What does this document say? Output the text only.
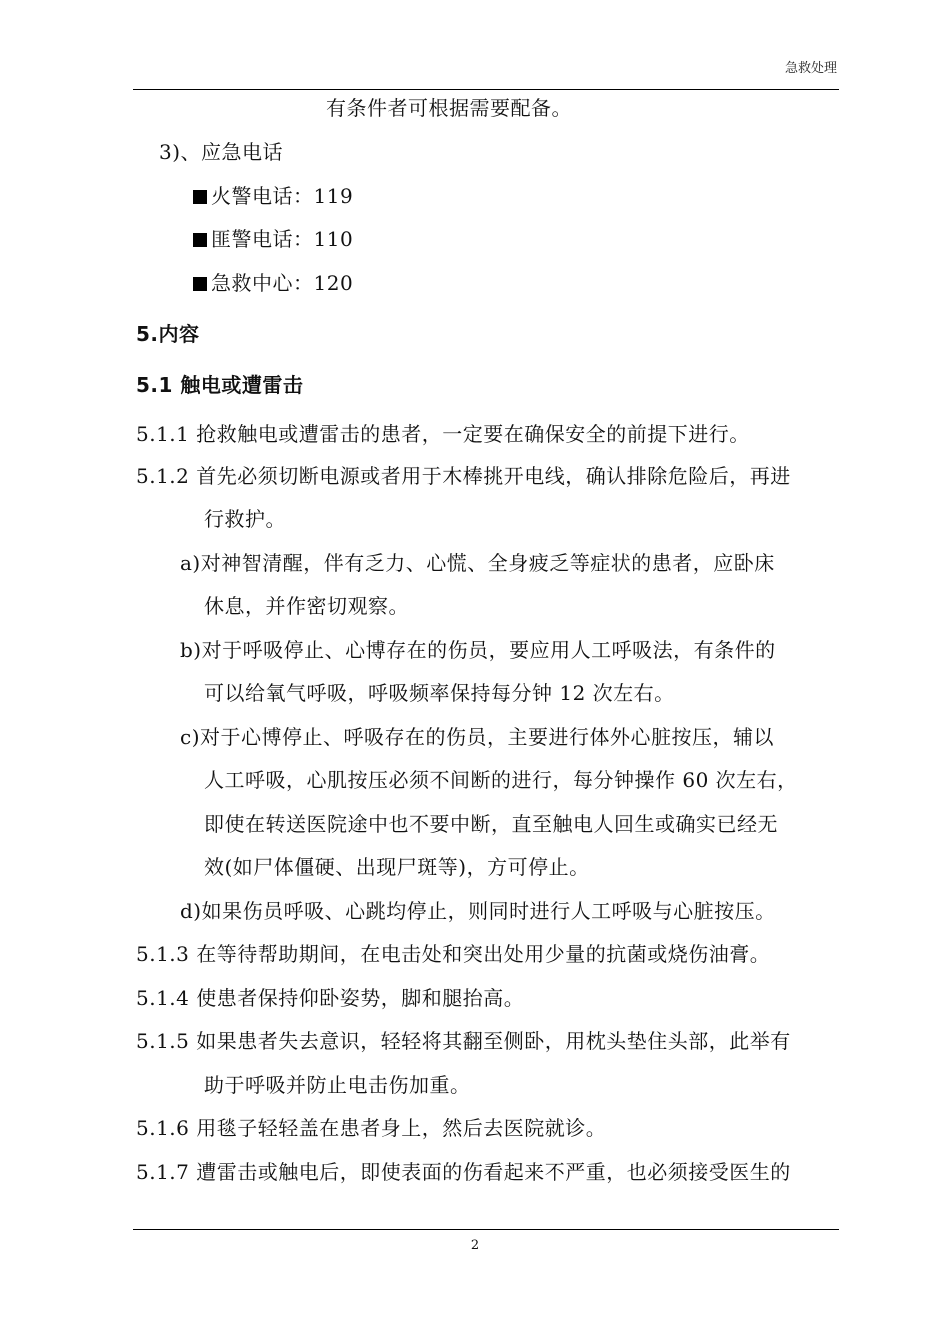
急救处理
有条件者可根据需要配备。
3)、应急电话
火警电话：119
匪警电话：110
急救中心：120
5.内容
5.1 触电或遭雷击
5.1.1 抢救触电或遭雷击的患者，一定要在确保安全的前提下进行。
5.1.2 首先必须切断电源或者用于木棒挑开电线，确认排除危险后，再进
行救护。
a)对神智清醒，伴有乏力、心慌、全身疲乏等症状的患者，应卧床
休息，并作密切观察。
b)对于呼吸停止、心博存在的伤员，要应用人工呼吸法，有条件的
可以给氧气呼吸，呼吸频率保持每分钟 12 次左右。
c)对于心博停止、呼吸存在的伤员，主要进行体外心脏按压，辅以
人工呼吸，心肌按压必须不间断的进行，每分钟操作 60 次左右，
即使在转送医院途中也不要中断，直至触电人回生或确实已经无
效(如尸体僵硬、出现尸斑等)，方可停止。
d)如果伤员呼吸、心跳均停止，则同时进行人工呼吸与心脏按压。
5.1.3 在等待帮助期间，在电击处和突出处用少量的抗菌或烧伤油膏。
5.1.4 使患者保持仰卧姿势，脚和腿抬高。
5.1.5 如果患者失去意识，轻轻将其翻至侧卧，用枕头垫住头部，此举有
助于呼吸并防止电击伤加重。
5.1.6 用毯子轻轻盖在患者身上，然后去医院就诊。
5.1.7 遭雷击或触电后，即使表面的伤看起来不严重，也必须接受医生的
2
